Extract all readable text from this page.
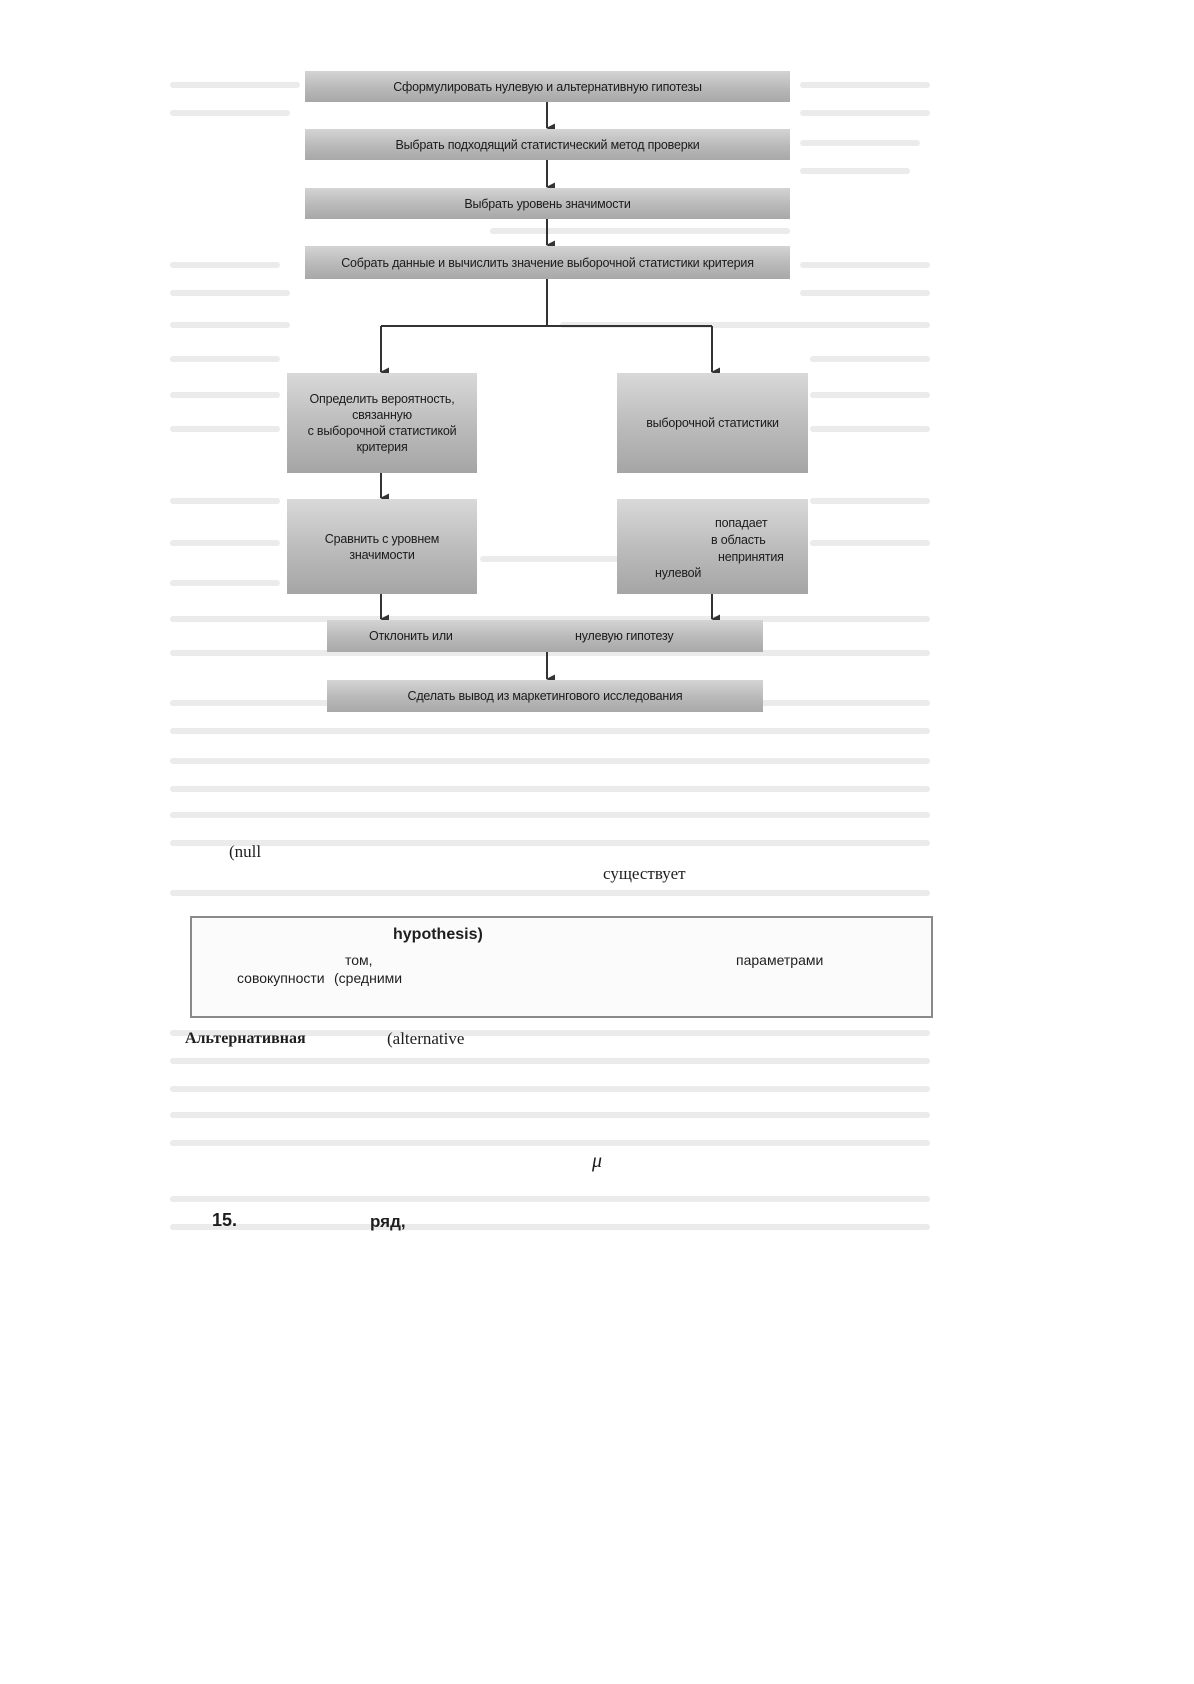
Сформулировать нулевую и альтернативную гипотезы
Выбрать подходящий статистический метод проверки
Выбрать уровень значимости
Собрать данные и вычислить значение выборочной статистики критерия
Определить вероятность,
связанную
с выборочной статистикой
критерия
выборочной статистики
Сравнить с уровнем
значимости
попадает
в область
непринятия
нулевой
Отклонить или	нулевую гипотезу
Сделать вывод из маркетингового исследования
(null
существует
hypothesis)
том,	параметрами
совокупности (средними
Альтернативная	(alternative
μ
15.	ряд,
